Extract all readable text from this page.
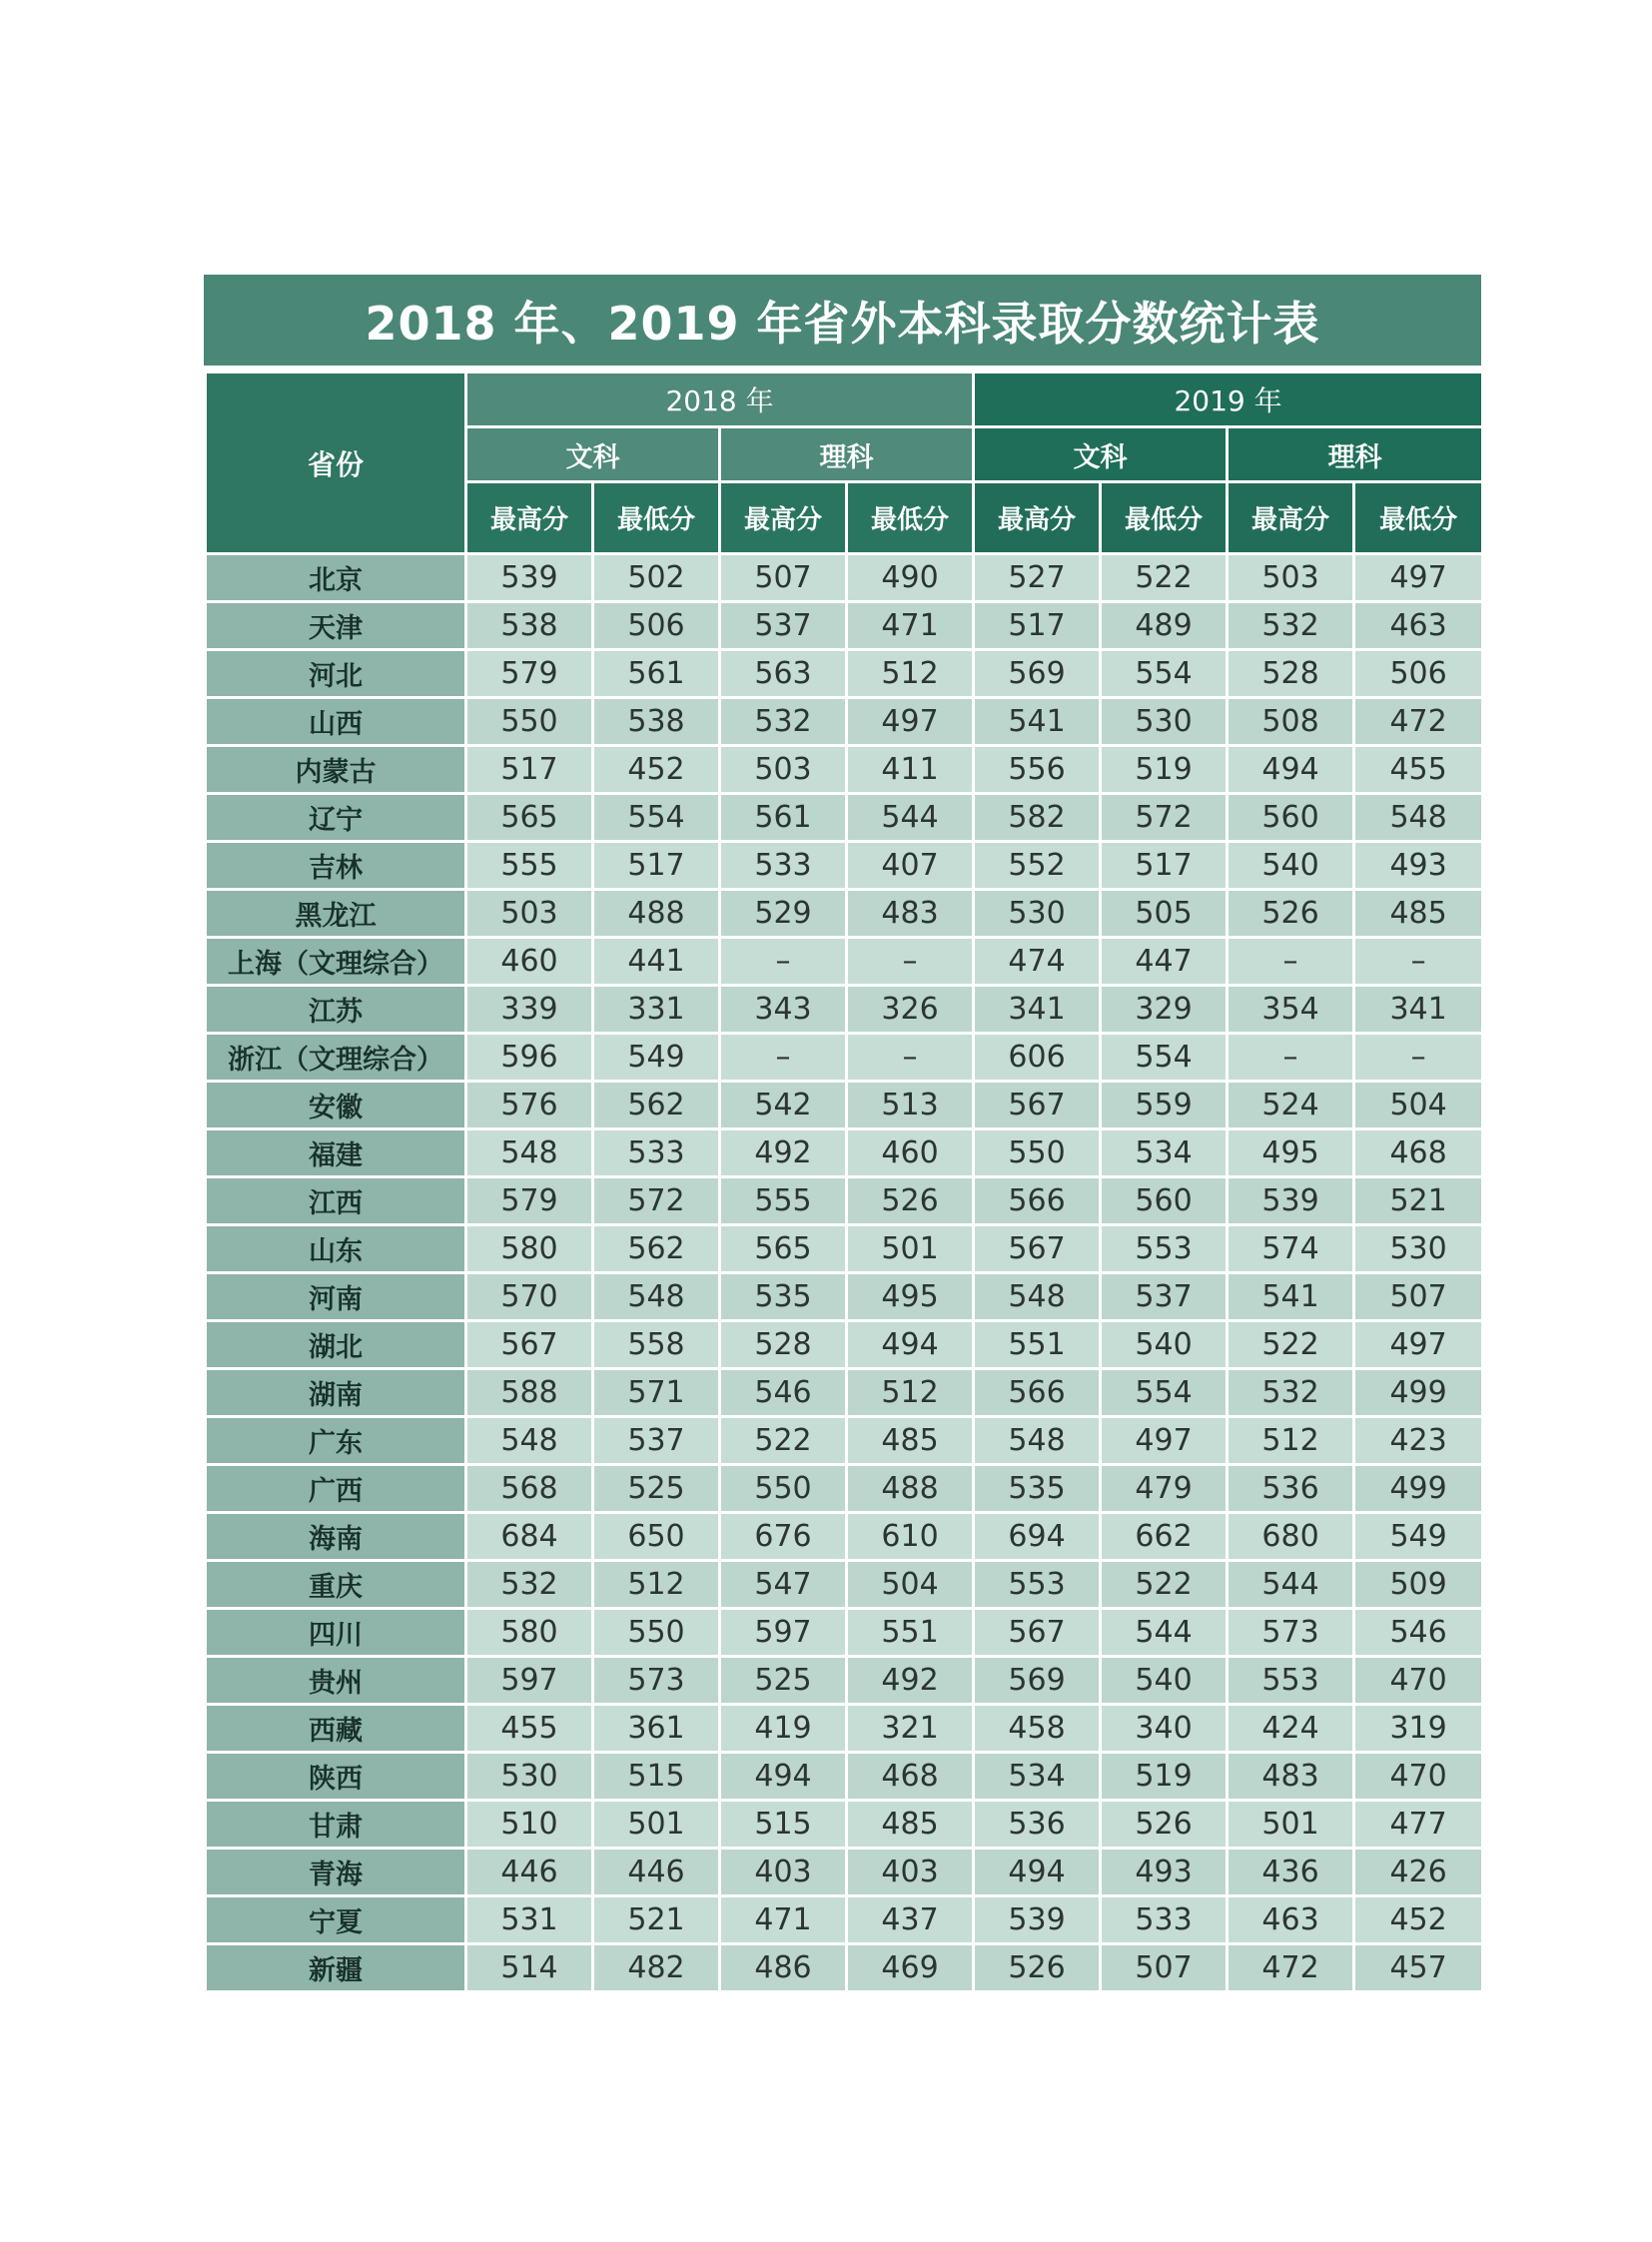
2018 年、2019 年省外本科录取分数统计表
省份	2018 年				2019 年			
	文科		理科		文科		理科	
	最高分	最低分	最高分	最低分	最高分	最低分	最高分	最低分
北京	539	502	507	490	527	522	503	497
天津	538	506	537	471	517	489	532	463
河北	579	561	563	512	569	554	528	506
山西	550	538	532	497	541	530	508	472
内蒙古	517	452	503	411	556	519	494	455
辽宁	565	554	561	544	582	572	560	548
吉林	555	517	533	407	552	517	540	493
黑龙江	503	488	529	483	530	505	526	485
上海（文理综合）	460	441	–	–	474	447	–	–
江苏	339	331	343	326	341	329	354	341
浙江（文理综合）	596	549	–	–	606	554	–	–
安徽	576	562	542	513	567	559	524	504
福建	548	533	492	460	550	534	495	468
江西	579	572	555	526	566	560	539	521
山东	580	562	565	501	567	553	574	530
河南	570	548	535	495	548	537	541	507
湖北	567	558	528	494	551	540	522	497
湖南	588	571	546	512	566	554	532	499
广东	548	537	522	485	548	497	512	423
广西	568	525	550	488	535	479	536	499
海南	684	650	676	610	694	662	680	549
重庆	532	512	547	504	553	522	544	509
四川	580	550	597	551	567	544	573	546
贵州	597	573	525	492	569	540	553	470
西藏	455	361	419	321	458	340	424	319
陕西	530	515	494	468	534	519	483	470
甘肃	510	501	515	485	536	526	501	477
青海	446	446	403	403	494	493	436	426
宁夏	531	521	471	437	539	533	463	452
新疆	514	482	486	469	526	507	472	457
